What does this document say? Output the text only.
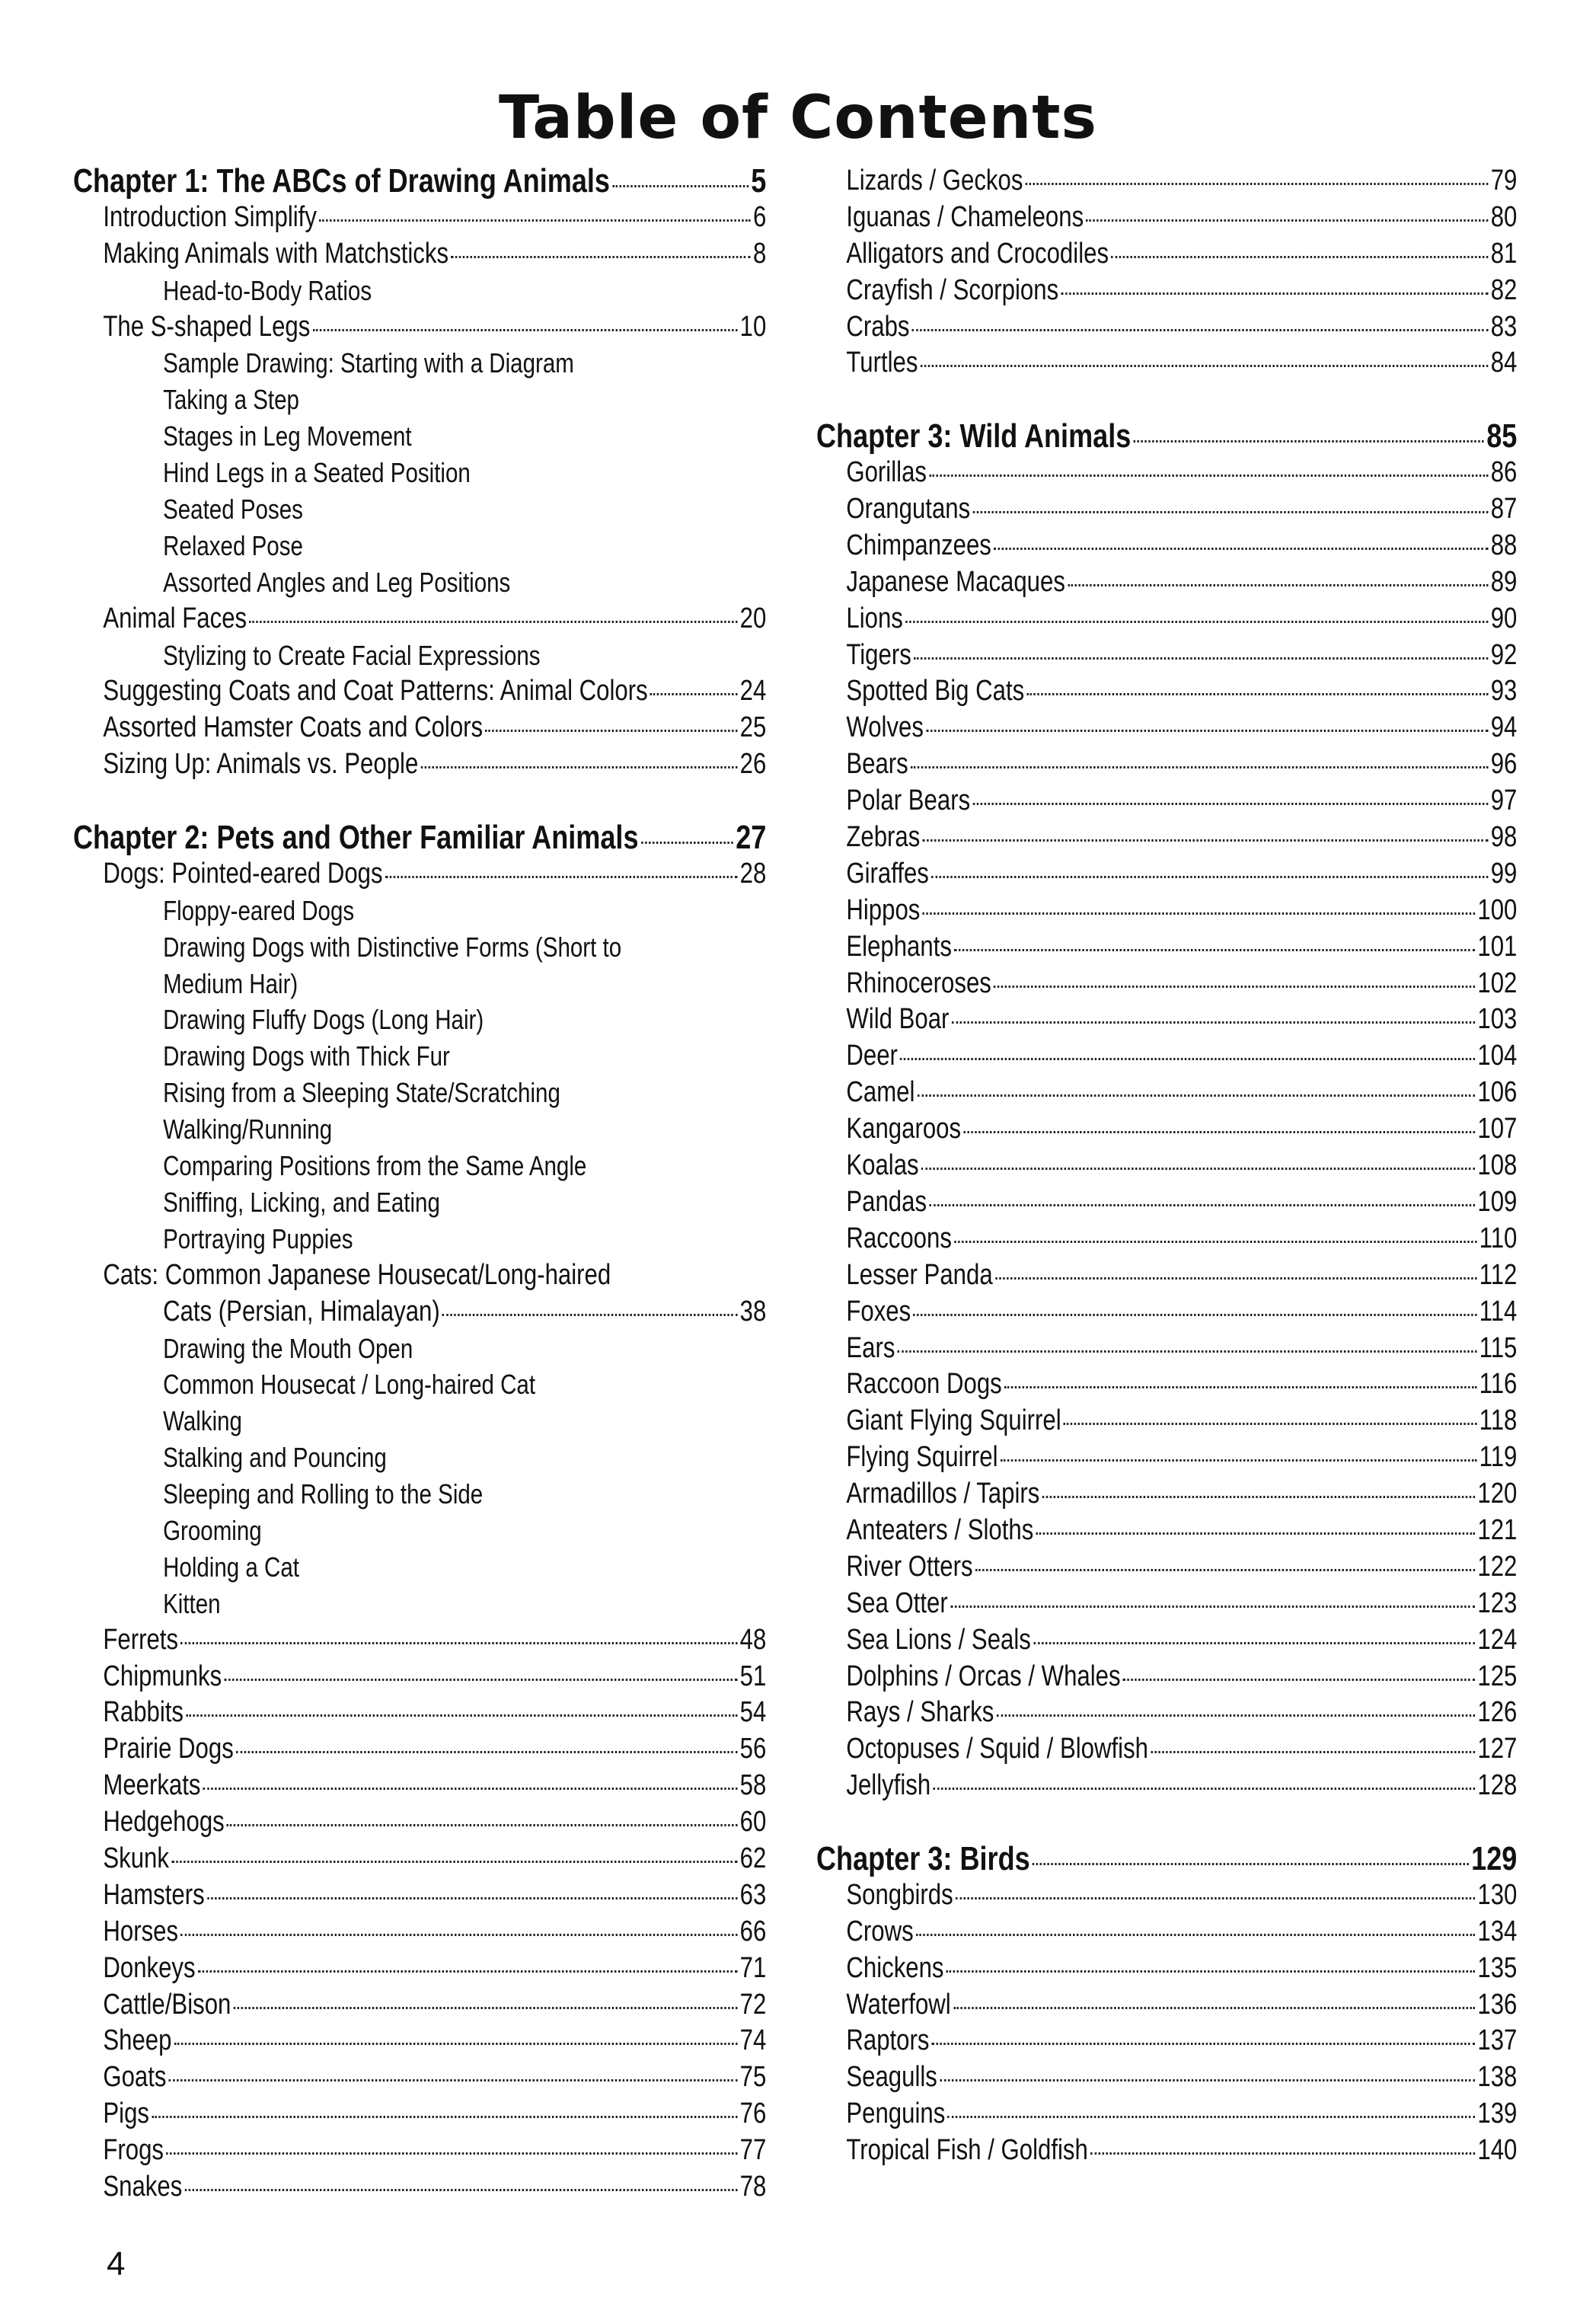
Table of Contents
Chapter 1: The ABCs of Drawing Animals	5
Introduction Simplify	6
Making Animals with Matchsticks	8
Head-to-Body Ratios
The S-shaped Legs	10
Sample Drawing: Starting with a Diagram
Taking a Step
Stages in Leg Movement
Hind Legs in a Seated Position
Seated Poses
Relaxed Pose
Assorted Angles and Leg Positions
Animal Faces	20
Stylizing to Create Facial Expressions
Suggesting Coats and Coat Patterns: Animal Colors	24
Assorted Hamster Coats and Colors	25
Sizing Up: Animals vs. People	26
Chapter 2: Pets and Other Familiar Animals	27
Dogs: Pointed-eared Dogs	28
Floppy-eared Dogs
Drawing Dogs with Distinctive Forms (Short to
Medium Hair)
Drawing Fluffy Dogs (Long Hair)
Drawing Dogs with Thick Fur
Rising from a Sleeping State/Scratching
Walking/Running
Comparing Positions from the Same Angle
Sniffing, Licking, and Eating
Portraying Puppies
Cats: Common Japanese Housecat/Long-haired
Cats (Persian, Himalayan)	38
Drawing the Mouth Open
Common Housecat / Long-haired Cat
Walking
Stalking and Pouncing
Sleeping and Rolling to the Side
Grooming
Holding a Cat
Kitten
Ferrets	48
Chipmunks	51
Rabbits	54
Prairie Dogs	56
Meerkats	58
Hedgehogs	60
Skunk	62
Hamsters	63
Horses	66
Donkeys	71
Cattle/Bison	72
Sheep	74
Goats	75
Pigs	76
Frogs	77
Snakes	78
Lizards / Geckos	79
Iguanas / Chameleons	80
Alligators and Crocodiles	81
Crayfish / Scorpions	82
Crabs	83
Turtles	84
Chapter 3: Wild Animals	85
Gorillas	86
Orangutans	87
Chimpanzees	88
Japanese Macaques	89
Lions	90
Tigers	92
Spotted Big Cats	93
Wolves	94
Bears	96
Polar Bears	97
Zebras	98
Giraffes	99
Hippos	100
Elephants	101
Rhinoceroses	102
Wild Boar	103
Deer	104
Camel	106
Kangaroos	107
Koalas	108
Pandas	109
Raccoons	110
Lesser Panda	112
Foxes	114
Ears	115
Raccoon Dogs	116
Giant Flying Squirrel	118
Flying Squirrel	119
Armadillos / Tapirs	120
Anteaters / Sloths	121
River Otters	122
Sea Otter	123
Sea Lions / Seals	124
Dolphins / Orcas / Whales	125
Rays / Sharks	126
Octopuses / Squid / Blowfish	127
Jellyfish	128
Chapter 3: Birds	129
Songbirds	130
Crows	134
Chickens	135
Waterfowl	136
Raptors	137
Seagulls	138
Penguins	139
Tropical Fish / Goldfish	140
4
